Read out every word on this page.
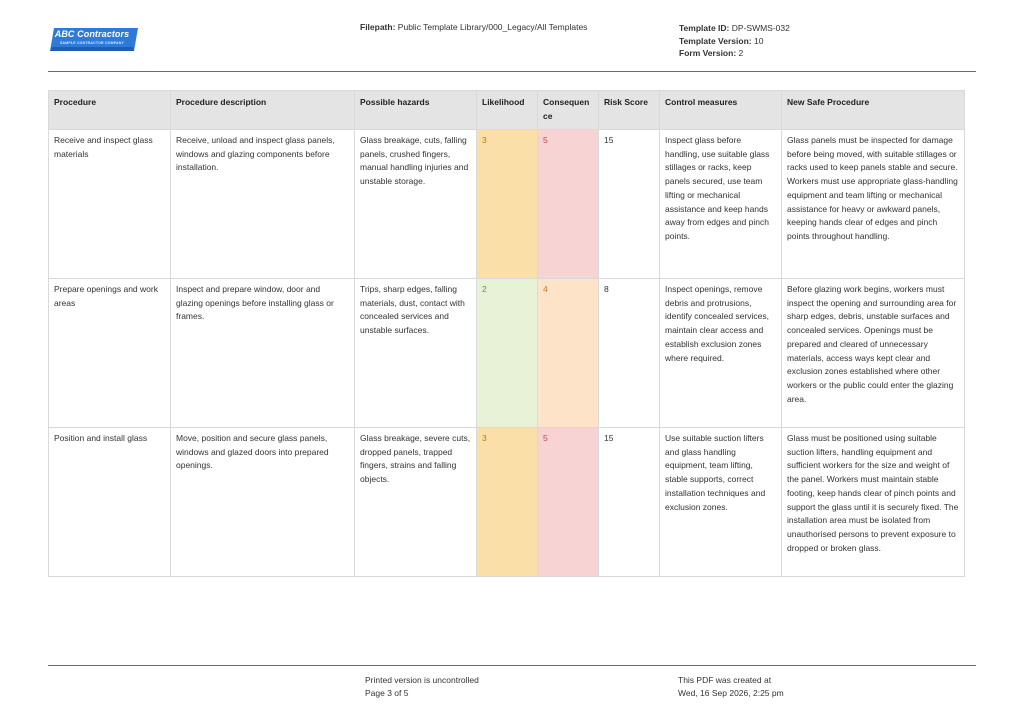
ABC Contractors
SAMPLE CONTRACTOR COMPANY
Filepath: Public Template Library/000_Legacy/All Templates	Template ID: DP-SWMS-032
Template Version: 10
Form Version: 2
Procedure	Procedure description	Possible hazards	Likelihood	Consequen ce	Risk Score	Control measures	New Safe Procedure
Receive and inspect glass materials	Receive, unload and inspect glass panels, windows and glazing components before installation.	Glass breakage, cuts, falling panels, crushed fingers, manual handling injuries and unstable storage.	3	5	15	Inspect glass before handling, use suitable glass stillages or racks, keep panels secured, use team lifting or mechanical assistance and keep hands away from edges and pinch points.	Glass panels must be inspected for damage before being moved, with suitable stillages or racks used to keep panels stable and secure. Workers must use appropriate glass-handling equipment and team lifting or mechanical assistance for heavy or awkward panels, keeping hands clear of edges and pinch points throughout handling.
Prepare openings and work areas	Inspect and prepare window, door and glazing openings before installing glass or frames.	Trips, sharp edges, falling materials, dust, contact with concealed services and unstable surfaces.	2	4	8	Inspect openings, remove debris and protrusions, identify concealed services, maintain clear access and establish exclusion zones where required.	Before glazing work begins, workers must inspect the opening and surrounding area for sharp edges, debris, unstable surfaces and concealed services. Openings must be prepared and cleared of unnecessary materials, access ways kept clear and exclusion zones established where other workers or the public could enter the glazing area.
Position and install glass	Move, position and secure glass panels, windows and glazed doors into prepared openings.	Glass breakage, severe cuts, dropped panels, trapped fingers, strains and falling objects.	3	5	15	Use suitable suction lifters and glass handling equipment, team lifting, stable supports, correct installation techniques and exclusion zones.	Glass must be positioned using suitable suction lifters, handling equipment and sufficient workers for the size and weight of the panel. Workers must maintain stable footing, keep hands clear of pinch points and support the glass until it is securely fixed. The installation area must be isolated from unauthorised persons to prevent exposure to dropped or broken glass.
Printed version is uncontrolled
Page 3 of 5
This PDF was created at
Wed, 16 Sep 2026, 2:25 pm
